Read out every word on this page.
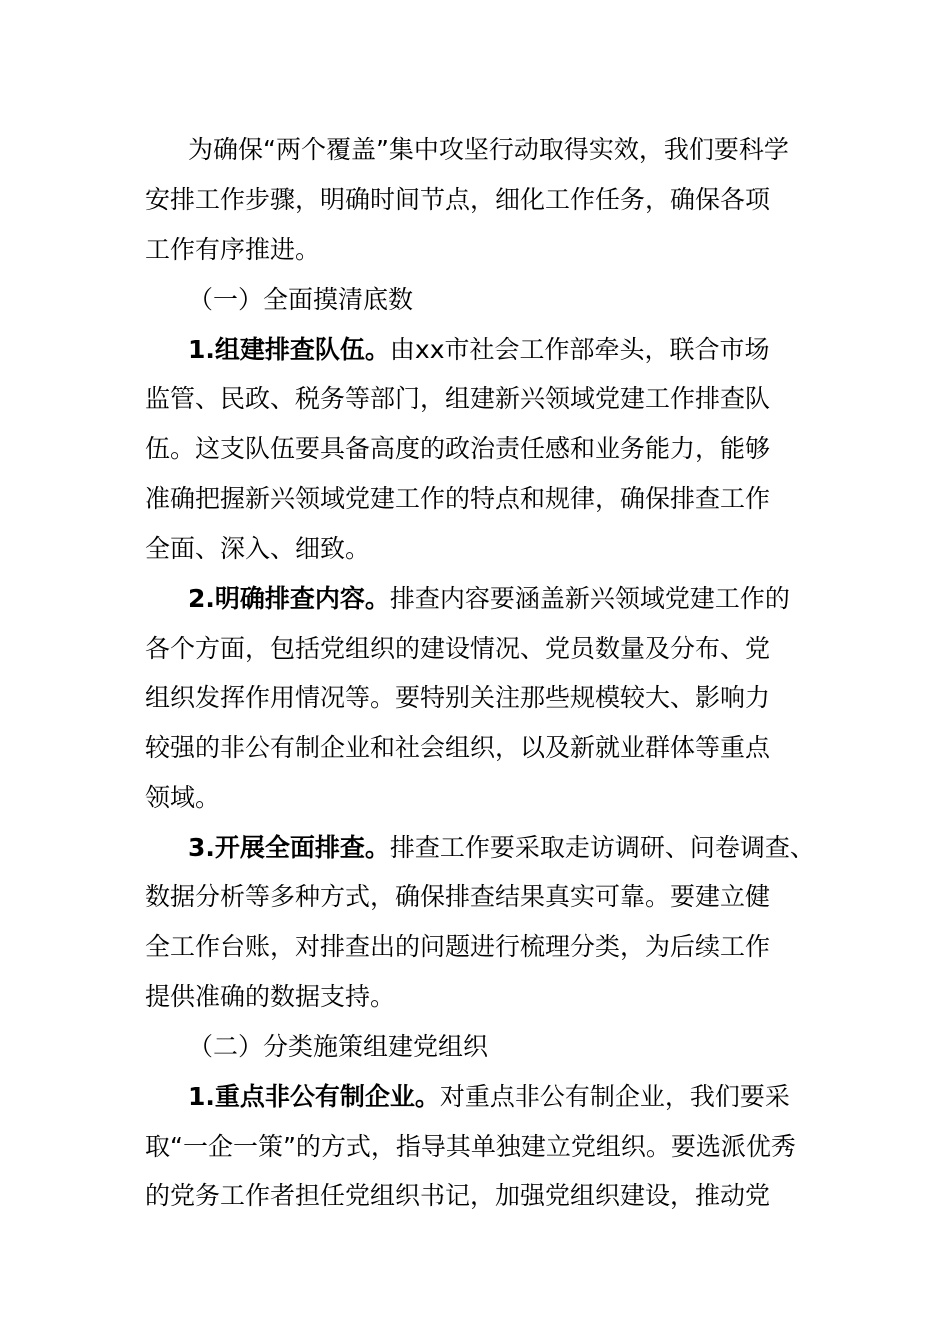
为确保“两个覆盖”集中攻坚行动取得实效，我们要科学
安排工作步骤，明确时间节点，细化工作任务，确保各项
工作有序推进。
（一）全面摸清底数
1.组建排查队伍。由xx市社会工作部牵头，联合市场
监管、民政、税务等部门，组建新兴领域党建工作排查队
伍。这支队伍要具备高度的政治责任感和业务能力，能够
准确把握新兴领域党建工作的特点和规律，确保排查工作
全面、深入、细致。
2.明确排查内容。排查内容要涵盖新兴领域党建工作的
各个方面，包括党组织的建设情况、党员数量及分布、党
组织发挥作用情况等。要特别关注那些规模较大、影响力
较强的非公有制企业和社会组织，以及新就业群体等重点
领域。
3.开展全面排查。排查工作要采取走访调研、问卷调查、
数据分析等多种方式，确保排查结果真实可靠。要建立健
全工作台账，对排查出的问题进行梳理分类，为后续工作
提供准确的数据支持。
（二）分类施策组建党组织
1.重点非公有制企业。对重点非公有制企业，我们要采
取“一企一策”的方式，指导其单独建立党组织。要选派优秀
的党务工作者担任党组织书记，加强党组织建设，推动党
